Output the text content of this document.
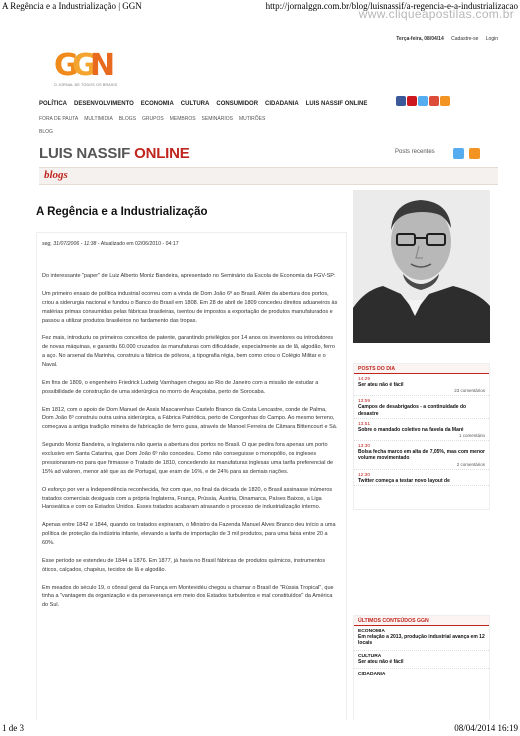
A Regência e a Industrialização | GGN	http://jornalggn.com.br/blog/luisnassif/a-regencia-e-a-industrializacao
www.cliqueapostilas.com.br
Terça-feira, 08/04/14 Cadastre-se Login
G
G
N
O JORNAL DE TODOS OS BRASIS
POLÍTICA DESENVOLVIMENTO ECONOMIA CULTURA CONSUMIDOR CIDADANIA LUIS NASSIF ONLINE
FORA DE PAUTA MULTIMIDIA BLOGS GRUPOS MEMBROS SEMINÁRIOS MUTIRÕES
BLOG
LUIS NASSIF ONLINE	Posts recentes
blogs
A Regência e a Industrialização
seg, 31/07/2006 - 11:38 - Atualizado em 02/06/2010 - 04:17

Do interessante "paper" de Luiz Alberto Moniz Bandeira, apresentado no Seminário da Escola de Economia da FGV-SP:

Um primeiro ensaio de política industrial ocorreu com a vinda de Dom João 6º ao Brasil. Além da abertura dos portos, criou a siderurgia nacional e fundou o Banco do Brasil em 1808. Em 28 de abril de 1809 concedeu direitos aduaneiros às matérias primas consumidas pelas fábricas brasileiras, isentou de impostos a exportação de produtos manufaturados e passou a utilizar produtos brasileiros no fardamento das tropas.

Fez mais, introduziu os primeiros conceitos de patente, garantindo privilégios por 14 anos os inventores ou introdutores de novas máquinas, e garantiu 60.000 cruzados às manufaturas com dificuldade, especialmente as de lã, algodão, ferro a aço. No arsenal da Marinha, construiu a fábrica de pólvora, a tipografia régia, bem como criou o Colégio Militar e o Naval.

Em fins de 1809, o engenheiro Friedrick Ludwig Varnhagen chegou ao Rio de Janeiro com a missão de estudar a possibilidade de construção de uma siderúrgica no morro de Araçoiaba, perto de Sorocaba.

Em 1812, com o apoio de Dom Manuel de Assis Mascarenhas Castelo Branco da Costa Lencastre, conde de Palma, Dom João 6º construiu outra usina siderúrgica, a Fábrica Patriótica, perto de Congonhas do Campo. Ao mesmo terreno, começava a antiga tradição mineira de fabricação de ferro gusa, através de Manoel Ferreira de Câmara Bittencourt e Sá.

Segundo Moniz Bandeira, a Inglaterra não queria a abertura dos portos no Brasil. O que pedira fora apenas um porto exclusivo em Santa Catarina, que Dom João 6º não concedeu. Como não conseguisse o monopólio, os ingleses pressionaram-no para que firmasse o Tratado de 1810, concedendo às manufaturas inglesas uma tarifa preferencial de 15% ad valoren, menor até que as de Portugal, que eram de 16%, e de 24% para as demais nações.

O esforço por ver a Independência reconhecida, fez com que, no final da década de 1820, o Brasil assinasse inúmeros tratados comerciais desiguais com a própria Inglaterra, França, Prússia, Áustria, Dinamarca, Países Baixos, a Liga Hanseática e com os Estados Unidos. Esses tratados acabaram atrasando o processo de industrialização interno.

Apenas entre 1842 e 1844, quando os tratados expiraram, o Ministro da Fazenda Manuel Alves Branco deu início a uma política de proteção da indústria infante, elevando a tarifa de importação de 3 mil produtos, para uma faixa entre 20 a 60%.

Esse período se estendeu de 1844 a 1876. Em 1877, já havia no Brasil fábricas de produtos químicos, instrumentos óticos, calçados, chapéus, tecidos de lã e algodão.

Em meados do século 19, o cônsul geral da França em Montevidéu chegou a chamar o Brasil de "Rússia Tropical", que tinha a "vantagem da organização e da perseverança em meio dos Estados turbulentos e mal constituídos" da América do Sul.

POSTS DO DIA
14:29
Ser ateu não é fácil
23 comentários
13:59
Campos de desabrigados - a continuidade do desastre
13:51
Sobre o mandado coletivo na favela da Maré
1 comentário
13:30
Bolsa fecha marco em alta de 7,05%, mas com menor volume movimentado
2 comentários
12:30
Twitter começa a testar novo layout de
ÚLTIMOS CONTEÚDOS GGN
ECONOMIA
Em relação a 2013, produção industrial avança em 12 locais
CULTURA
Ser ateu não é fácil
CIDADANIA
1 de 3	08/04/2014 16:19
